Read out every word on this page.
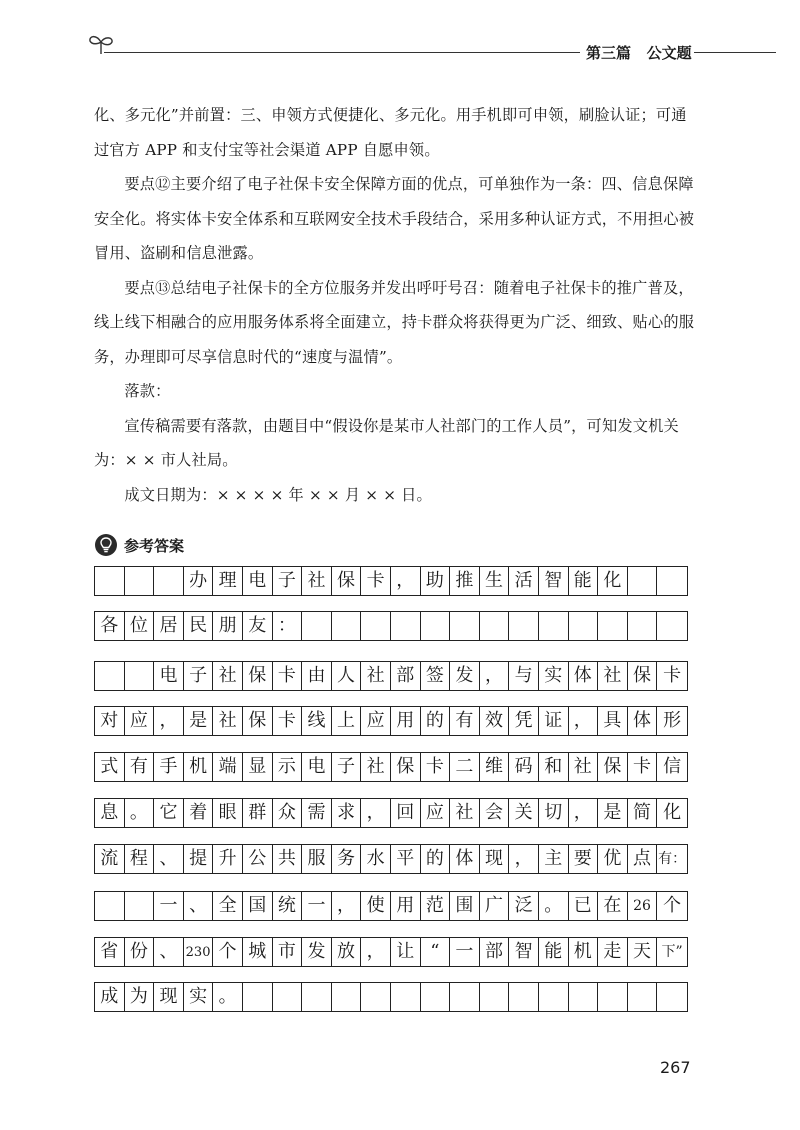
第三篇   公文题

化、多元化”并前置：三、申领方式便捷化、多元化。用手机即可申领，刷脸认证；可通过官方 APP 和支付宝等社会渠道 APP 自愿申领。

要点⑫主要介绍了电子社保卡安全保障方面的优点，可单独作为一条：四、信息保障安全化。将实体卡安全体系和互联网安全技术手段结合，采用多种认证方式，不用担心被冒用、盗刷和信息泄露。

要点⑬总结电子社保卡的全方位服务并发出呼吁号召：随着电子社保卡的推广普及，线上线下相融合的应用服务体系将全面建立，持卡群众将获得更为广泛、细致、贴心的服务，办理即可尽享信息时代的“速度与温情”。

落款：

宣传稿需要有落款，由题目中“假设你是某市人社部门的工作人员”，可知发文机关为：× × 市人社局。

成文日期为：× × × × 年 × × 月 × × 日。

参考答案
办 理 电 子 社 保 卡 ， 助 推 生 活 智 能 化
各 位 居 民 朋 友 ：
电 子 社 保 卡 由 人 社 部 签 发 ， 与 实 体 社 保 卡
对 应 ， 是 社 保 卡 线 上 应 用 的 有 效 凭 证 ， 具 体 形
式 有 手 机 端 显 示 电 子 社 保 卡 二 维 码 和 社 保 卡 信
息 。 它 着 眼 群 众 需 求 ， 回 应 社 会 关 切 ， 是 简 化
流 程 、 提 升 公 共 服 务 水 平 的 体 现 ， 主 要 优 点 有：
一 、 全 国 统 一 ， 使 用 范 围 广 泛 。 已 在 26 个
省 份 、 230 个 城 市 发 放 ， 让 “ 一 部 智 能 机 走 天 下”
成 为 现 实 。
267
